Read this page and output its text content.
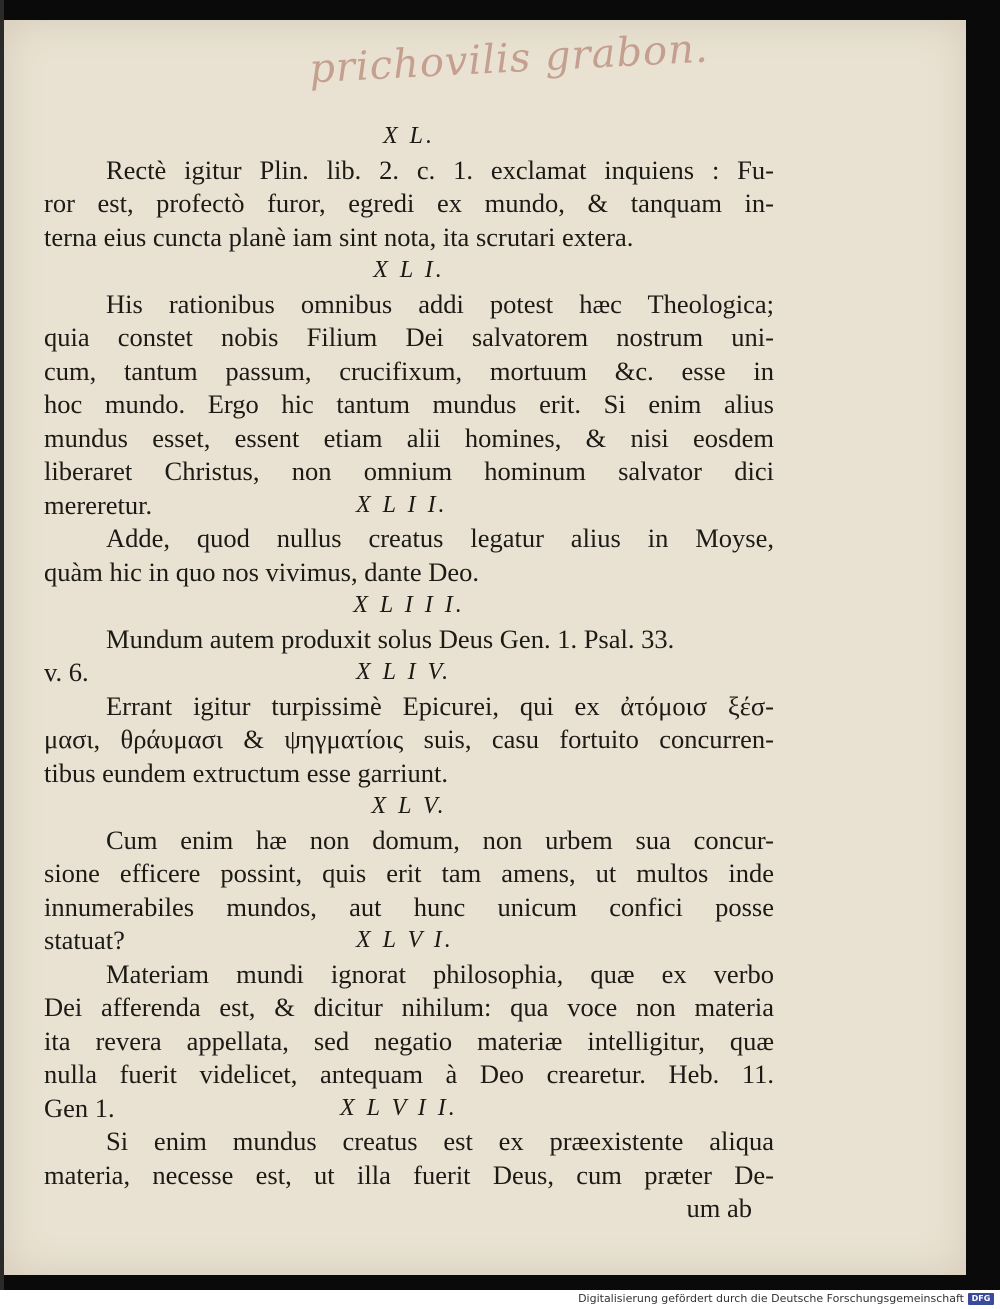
prichovilis grabon.
X L.
Rectè igitur Plin. lib. 2. c. 1. exclamat inquiens : Fu-
ror est, profectò furor, egredi ex mundo, & tanquam in-
terna eius cuncta planè iam sint nota, ita scrutari extera.
X L I.
His rationibus omnibus addi potest hæc Theologica;
quia constet nobis Filium Dei salvatorem nostrum uni-
cum, tantum passum, crucifixum, mortuum &c. esse in
hoc mundo. Ergo hic tantum mundus erit. Si enim alius
mundus esset, essent etiam alii homines, & nisi eosdem
liberaret Christus, non omnium hominum salvator dici
mereretur.	X L I I.
Adde, quod nullus creatus legatur alius in Moyse,
quàm hic in quo nos vivimus, dante Deo.
X L I I I.
Mundum autem produxit solus Deus Gen. 1. Psal. 33.
v. 6.	X L I V.
Errant igitur turpissimè Epicurei, qui ex ἀτόμοισ ξέσ-
μασι, θράυμασι & ψηγματίοις suis, casu fortuito concurren-
tibus eundem extructum esse garriunt.
X L V.
Cum enim hæ non domum, non urbem sua concur-
sione efficere possint, quis erit tam amens, ut multos inde
innumerabiles mundos, aut hunc unicum confici posse
statuat?	X L V I.
Materiam mundi ignorat philosophia, quæ ex verbo
Dei afferenda est, & dicitur nihilum: qua voce non materia
ita revera appellata, sed negatio materiæ intelligitur, quæ
nulla fuerit videlicet, antequam à Deo crearetur. Heb. 11.
Gen 1.	X L V I I.
Si enim mundus creatus est ex præexistente aliqua
materia, necesse est, ut illa fuerit Deus, cum præter De-
um ab
Digitalisierung gefördert durch die Deutsche Forschungsgemeinschaft DFG
